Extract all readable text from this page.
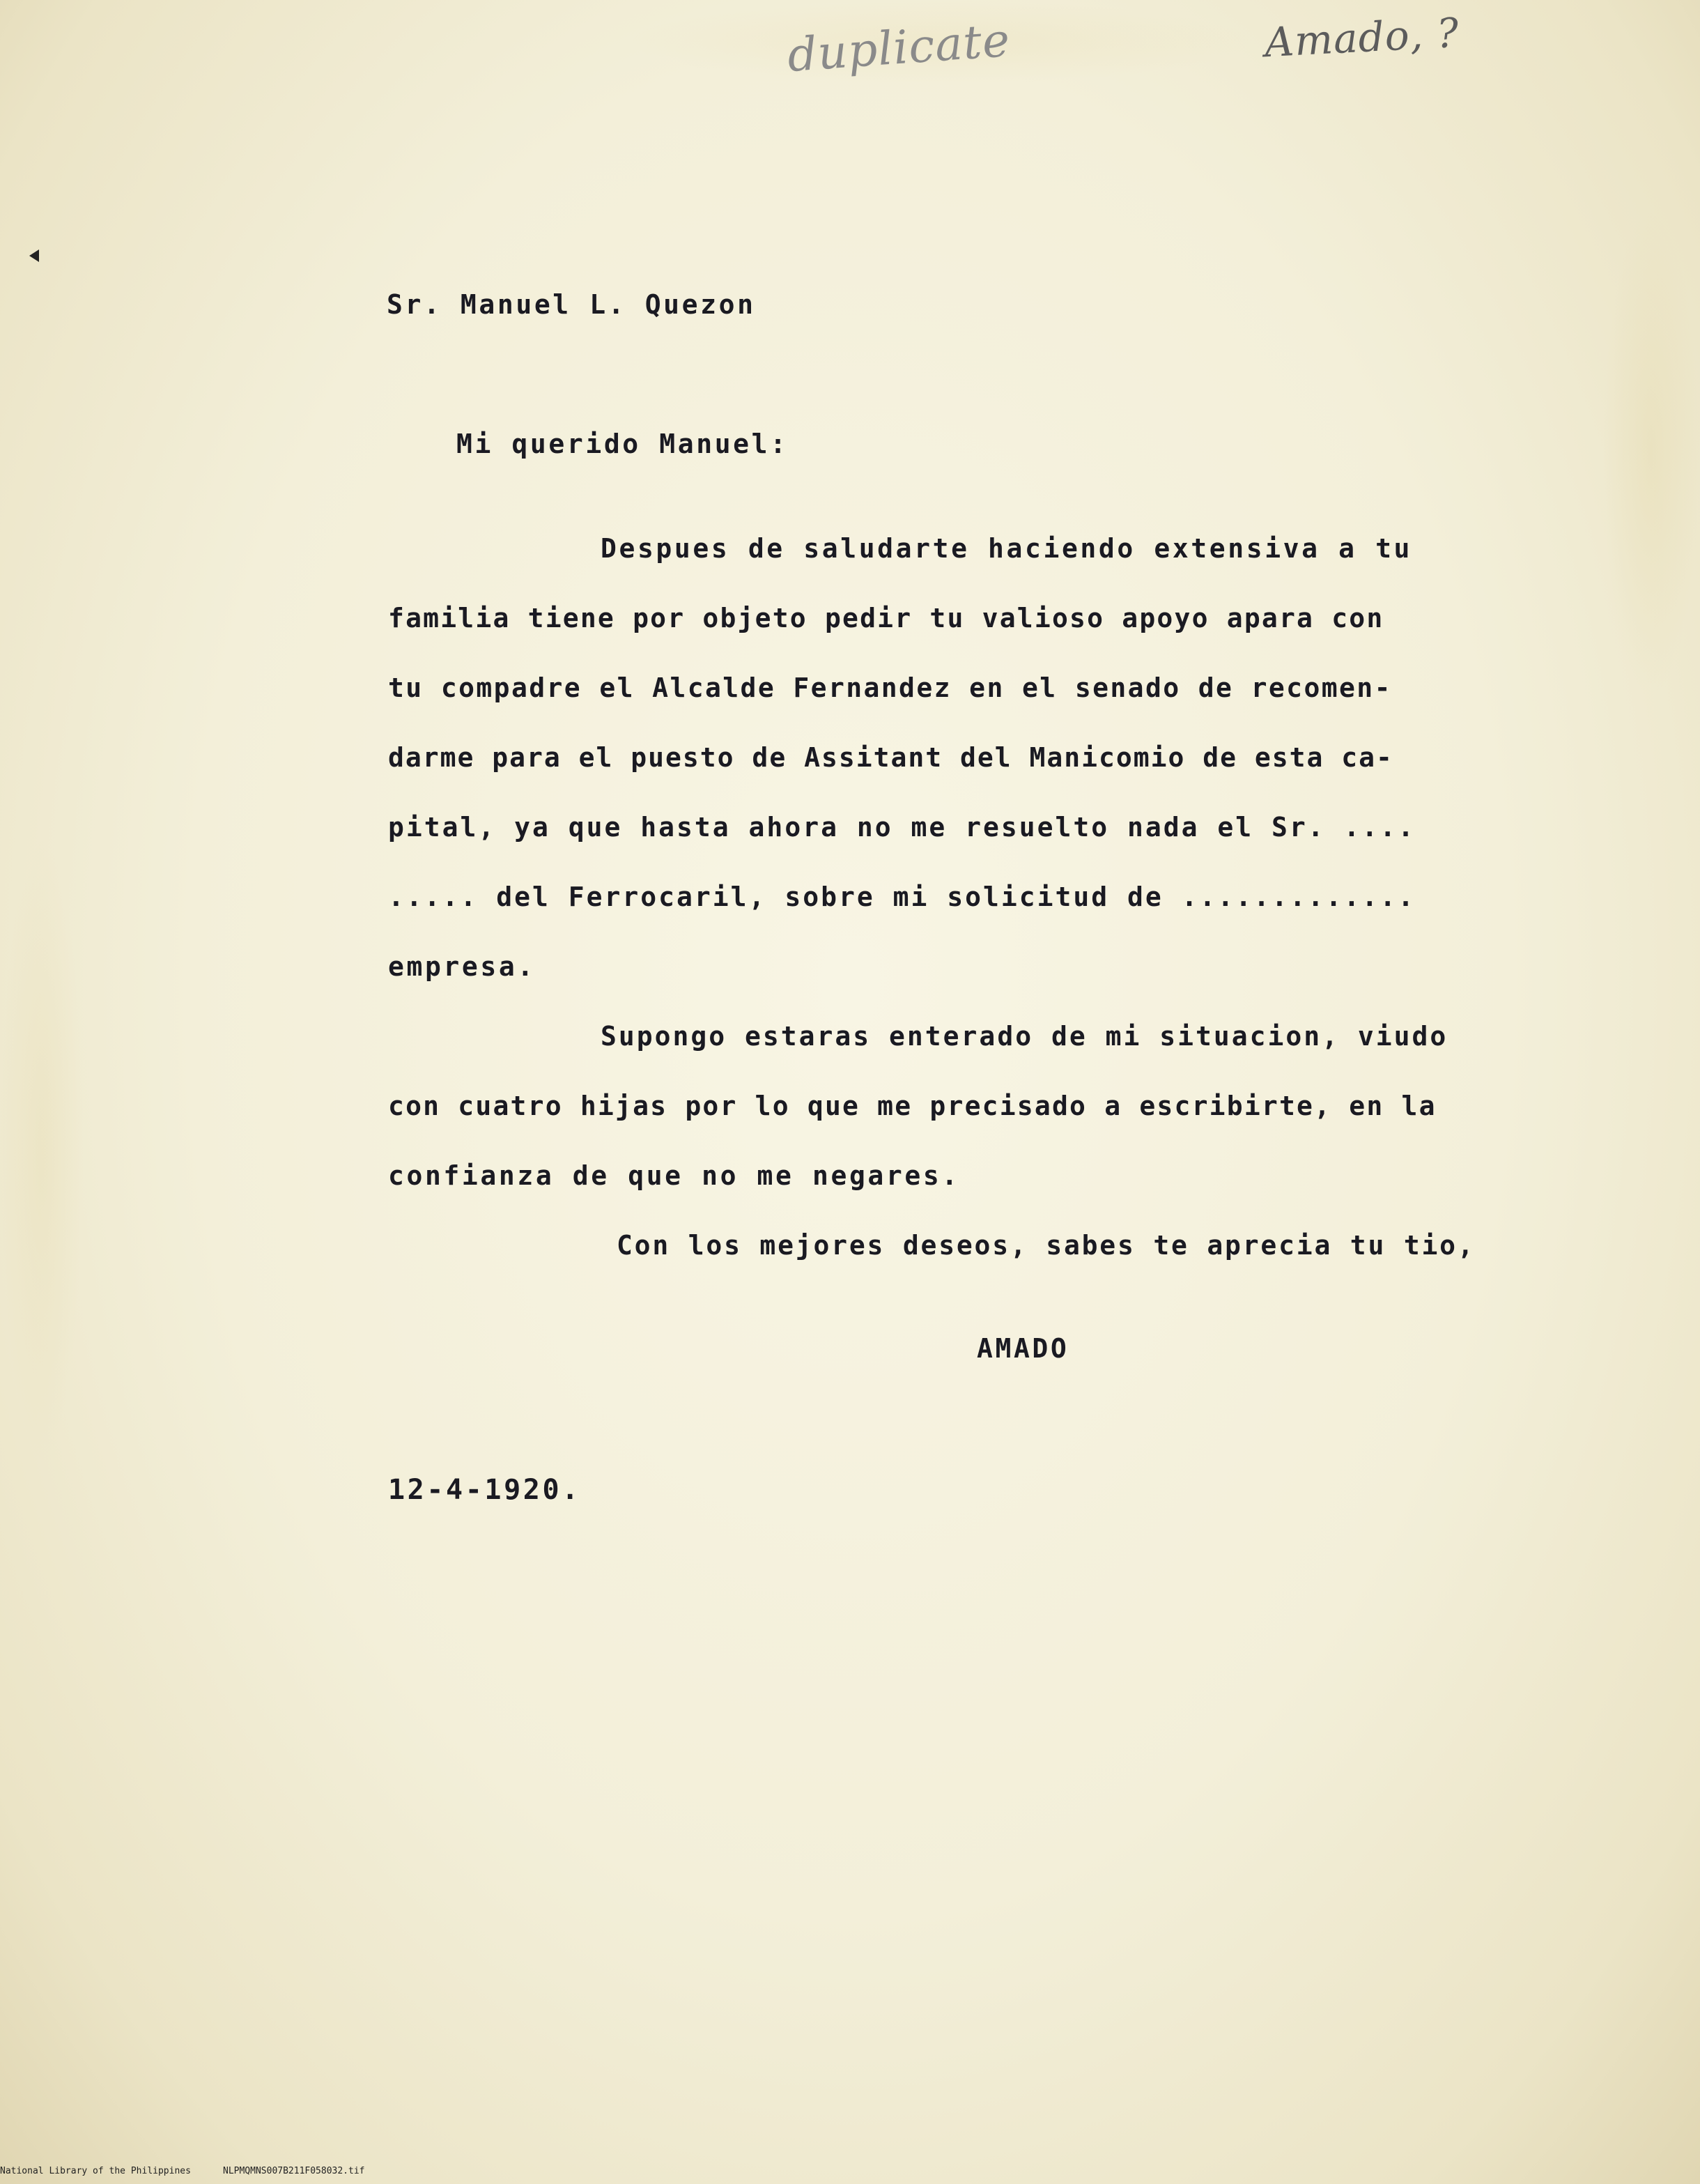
duplicate	Amado, ?
Sr. Manuel L. Quezon
Mi querido Manuel:
Despues de saludarte haciendo extensiva a tu
familia tiene por objeto pedir tu valioso apoyo apara con
tu compadre el Alcalde Fernandez en el senado de recomen-
darme para el puesto de Assitant del Manicomio de esta ca-
pital, ya que hasta ahora no me resuelto nada el Sr. ....
..... del Ferrocaril, sobre mi solicitud de .............
empresa.
Supongo estaras enterado de mi situacion, viudo
con cuatro hijas por lo que me precisado a escribirte, en la
confianza de que no me negares.
Con los mejores deseos, sabes te aprecia tu tio,
AMADO
12-4-1920.
National Library of the Philippines	NLPMQMNS007B211F058032.tif
